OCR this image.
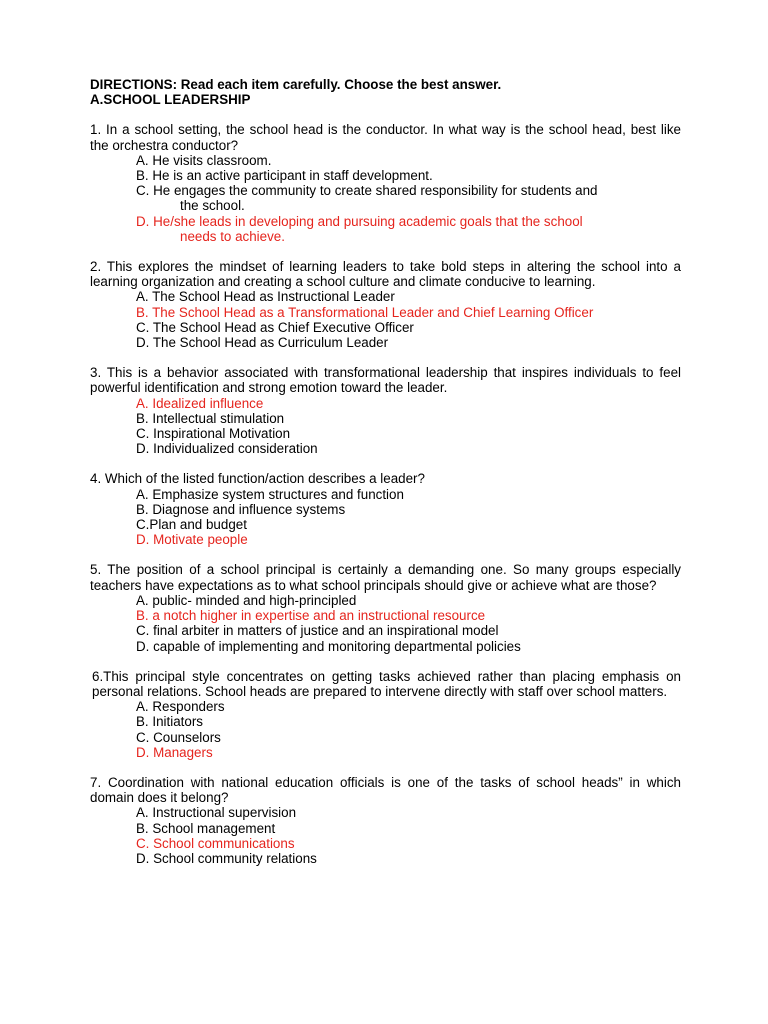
DIRECTIONS: Read each item carefully. Choose the best answer.

A.SCHOOL LEADERSHIP

1. In a school setting, the school head is the conductor. In what way is the school head, best like the orchestra conductor?

A. He visits classroom.
B. He is an active participant in staff development.
C. He engages the community to create shared responsibility for students and
the school.
D. He/she leads in developing and pursuing academic goals that the school
needs to achieve.

2. This explores the mindset of learning leaders to take bold steps in altering the school into a learning organization and creating a school culture and climate conducive to learning.

A. The School Head as Instructional Leader
B. The School Head as a Transformational Leader and Chief Learning Officer
C. The School Head as Chief Executive Officer
D. The School Head as Curriculum Leader

3. This is a behavior associated with transformational leadership that inspires individuals to feel powerful identification and strong emotion toward the leader.

A. Idealized influence
B. Intellectual stimulation
C. Inspirational Motivation
D. Individualized consideration

4. Which of the listed function/action describes a leader?

A. Emphasize system structures and function
B. Diagnose and influence systems
C.Plan and budget
D. Motivate people

5. The position of a school principal is certainly a demanding one. So many groups especially teachers have expectations as to what school principals should give or achieve what are those?

A. public- minded and high-principled
B. a notch higher in expertise and an instructional resource
C. final arbiter in matters of justice and an inspirational model
D. capable of implementing and monitoring departmental policies

6.This principal style concentrates on getting tasks achieved rather than placing emphasis on personal relations. School heads are prepared to intervene directly with staff over school matters.

A. Responders
B. Initiators
C. Counselors
D. Managers

7. Coordination with national education officials is one of the tasks of school heads” in which domain does it belong?

A. Instructional supervision
B. School management
C. School communications
D. School community relations
